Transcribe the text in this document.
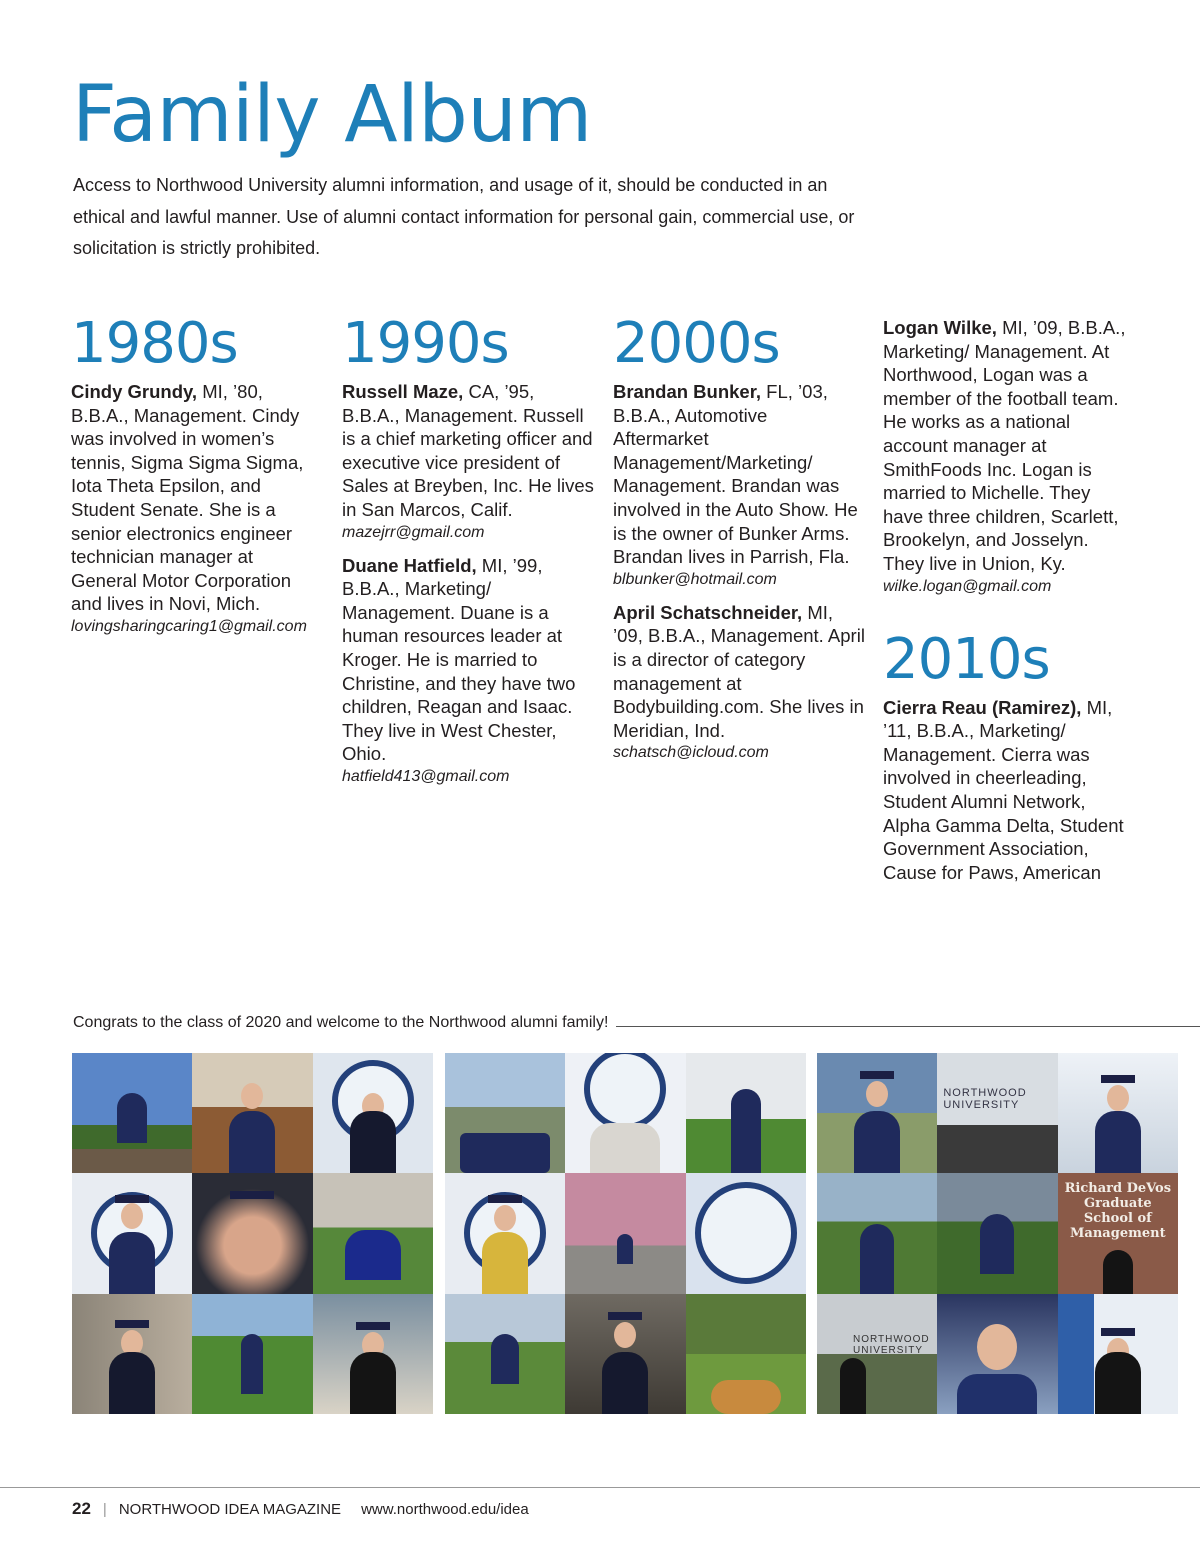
Family Album
Access to Northwood University alumni information, and usage of it, should be conducted in an ethical and lawful manner. Use of alumni contact information for personal gain, commercial use, or solicitation is strictly prohibited.
1980s
Cindy Grundy, MI, ’80, B.B.A., Management. Cindy was involved in women’s tennis, Sigma Sigma Sigma, Iota Theta Epsilon, and Student Senate. She is a senior electronics engineer technician manager at General Motor Corporation and lives in Novi, Mich.
lovingsharingcaring1@gmail.com
1990s
Russell Maze, CA, ’95, B.B.A., Management. Russell is a chief marketing officer and executive vice president of Sales at Breyben, Inc. He lives in San Marcos, Calif.
mazejrr@gmail.com
Duane Hatfield, MI, ’99, B.B.A., Marketing/ Management. Duane is a human resources leader at Kroger. He is married to Christine, and they have two children, Reagan and Isaac. They live in West Chester, Ohio.
hatfield413@gmail.com
2000s
Brandan Bunker, FL, ’03, B.B.A., Automotive Aftermarket Management/Marketing/ Management. Brandan was involved in the Auto Show. He is the owner of Bunker Arms. Brandan lives in Parrish, Fla.
blbunker@hotmail.com
April Schatschneider, MI, ’09, B.B.A., Management. April is a director of category management at Bodybuilding.com. She lives in Meridian, Ind.
schatsch@icloud.com
Logan Wilke, MI, ’09, B.B.A., Marketing/ Management. At Northwood, Logan was a member of the football team. He works as a national account manager at SmithFoods Inc. Logan is married to Michelle. They have three children, Scarlett, Brookelyn, and Josselyn. They live in Union, Ky.
wilke.logan@gmail.com
2010s
Cierra Reau (Ramirez), MI, ’11, B.B.A., Marketing/ Management. Cierra was involved in cheerleading, Student Alumni Network, Alpha Gamma Delta, Student Government Association, Cause for Paws, American
Congrats to the class of 2020 and welcome to the Northwood alumni family!
NORTHWOOD UNIVERSITY
Richard DeVos Graduate School of Management
NORTHWOOD UNIVERSITY
22 | NORTHWOOD IDEA MAGAZINE www.northwood.edu/idea
